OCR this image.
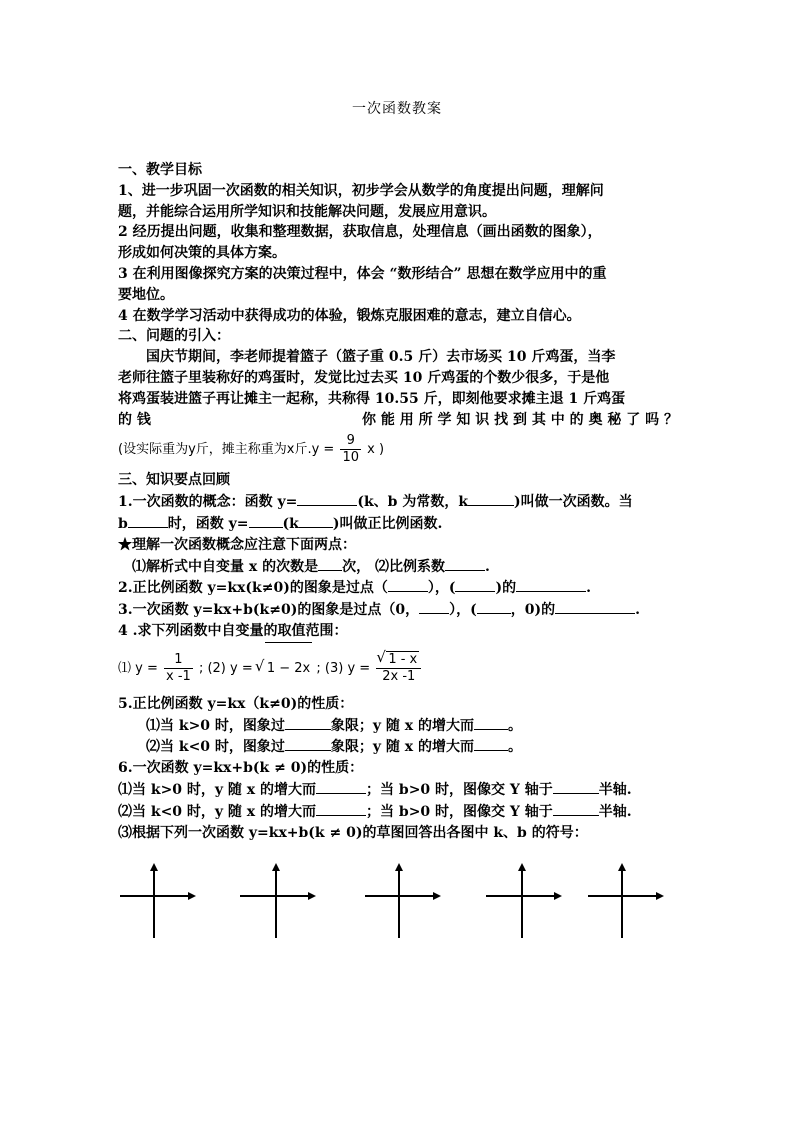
一次函数教案

一、教学目标

1、进一步巩固一次函数的相关知识，初步学会从数学的角度提出问题，理解问

题，并能综合运用所学知识和技能解决问题，发展应用意识。

2 经历提出问题，收集和整理数据，获取信息，处理信息（画出函数的图象），

形成如何决策的具体方案。

3 在利用图像探究方案的决策过程中，体会 “数形结合” 思想在数学应用中的重

要地位。

4 在数学学习活动中获得成功的体验，锻炼克服困难的意志，建立自信心。

二、问题的引入：

国庆节期间，李老师提着篮子（篮子重 0.5 斤）去市场买 10 斤鸡蛋，当李

老师往篮子里装称好的鸡蛋时，发觉比过去买 10 斤鸡蛋的个数少很多，于是他

将鸡蛋装进篮子再让摊主一起称，共称得 10.55 斤，即刻他要求摊主退 1 斤鸡蛋

的 钱	你 能 用 所 学 知 识 找 到 其 中 的 奥 秘 了 吗 ？

(设实际重为y斤，摊主称重为x斤$.y = \frac{9}{10}$ x )

三、知识要点回顾

1.一次函数的概念：函数 y=	(k、b 为常数，k	)叫做一次函数。当

b	时，函数 y= (k )叫做正比例函数.

★理解一次函数概念应注意下面两点：

⑴解析式中自变量 x 的次数是 次， ⑵比例系数	.

2.正比例函数 y=kx(k≠0)的图象是过点（	），(	)的	.

3.一次函数 y=kx+b(k≠0)的图象是过点（0， ），( ，0)的	.

4 .求下列函数中自变量的取值范围：

⑴ $y = \frac{1}{x -1}$ ; (2) y = √ 1 − 2x ; (3) y = √ $\frac{1 - x}{2x -1}$

5.正比例函数 y=kx（k≠0)的性质：

⑴当 k>0 时，图象过	象限；y 随 x 的增大而 。

⑵当 k<0 时，图象过	象限；y 随 x 的增大而 。

6.一次函数 y=kx+b(k ≠ 0)的性质：

⑴当 k>0 时，y 随 x 的增大而	；当 b>0 时，图像交 Y 轴于	半轴.

⑵当 k<0 时，y 随 x 的增大而	；当 b>0 时，图像交 Y 轴于	半轴.

⑶根据下列一次函数 y=kx+b(k ≠ 0)的草图回答出各图中 k、b 的符号：
